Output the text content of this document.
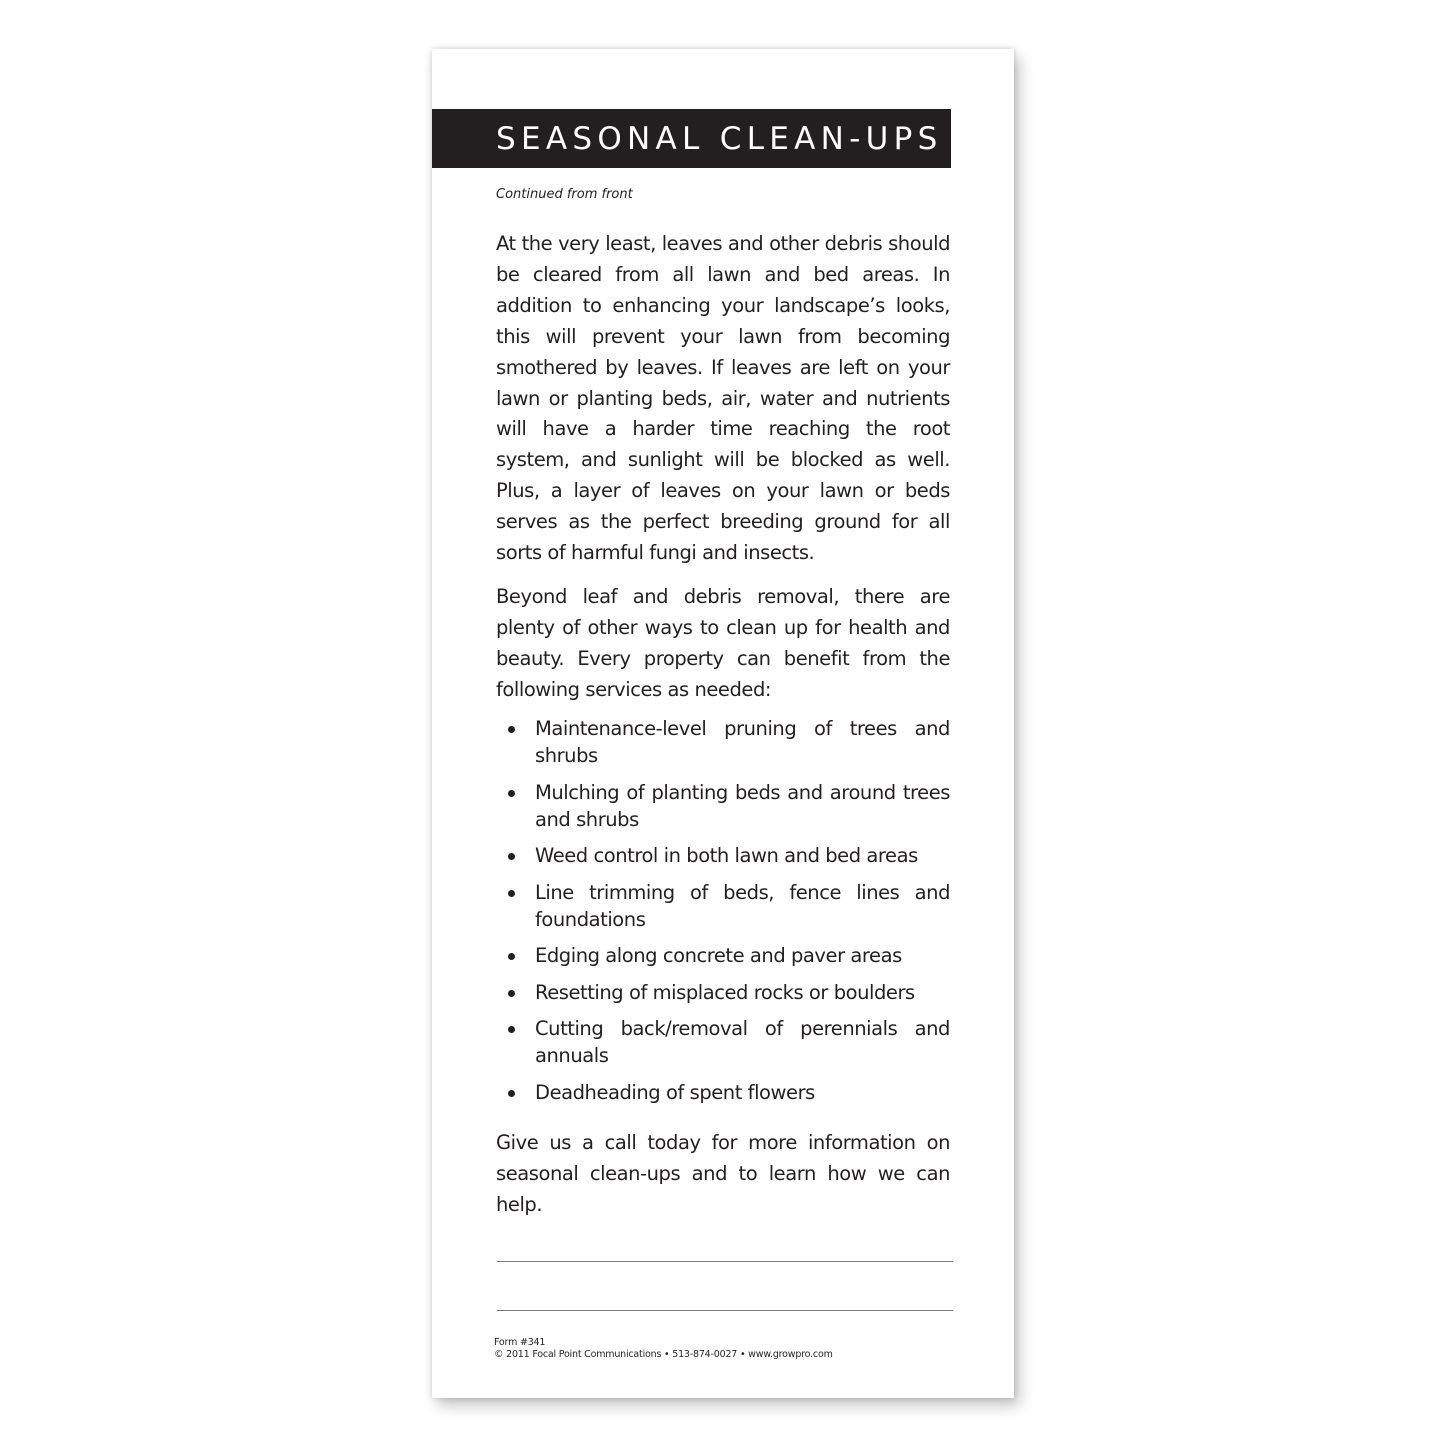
SEASONAL CLEAN-UPS
Continued from front

At the very least, leaves and other debris should be cleared from all lawn and bed areas. In addition to enhancing your landscape’s looks, this will prevent your lawn from becoming smothered by leaves. If leaves are left on your lawn or planting beds, air, water and nutrients will have a harder time reaching the root system, and sunlight will be blocked as well. Plus, a layer of leaves on your lawn or beds serves as the perfect breeding ground for all sorts of harmful fungi and insects.

Beyond leaf and debris removal, there are plenty of other ways to clean up for health and beauty. Every property can benefit from the following services as needed:

Maintenance-level pruning of trees and shrubs
Mulching of planting beds and around trees and shrubs
Weed control in both lawn and bed areas
Line trimming of beds, fence lines and foundations
Edging along concrete and paver areas
Resetting of misplaced rocks or boulders
Cutting back/removal of perennials and annuals
Deadheading of spent flowers

Give us a call today for more information on seasonal clean-ups and to learn how we can help.

Form #341
© 2011 Focal Point Communications • 513-874-0027 • www.growpro.com
